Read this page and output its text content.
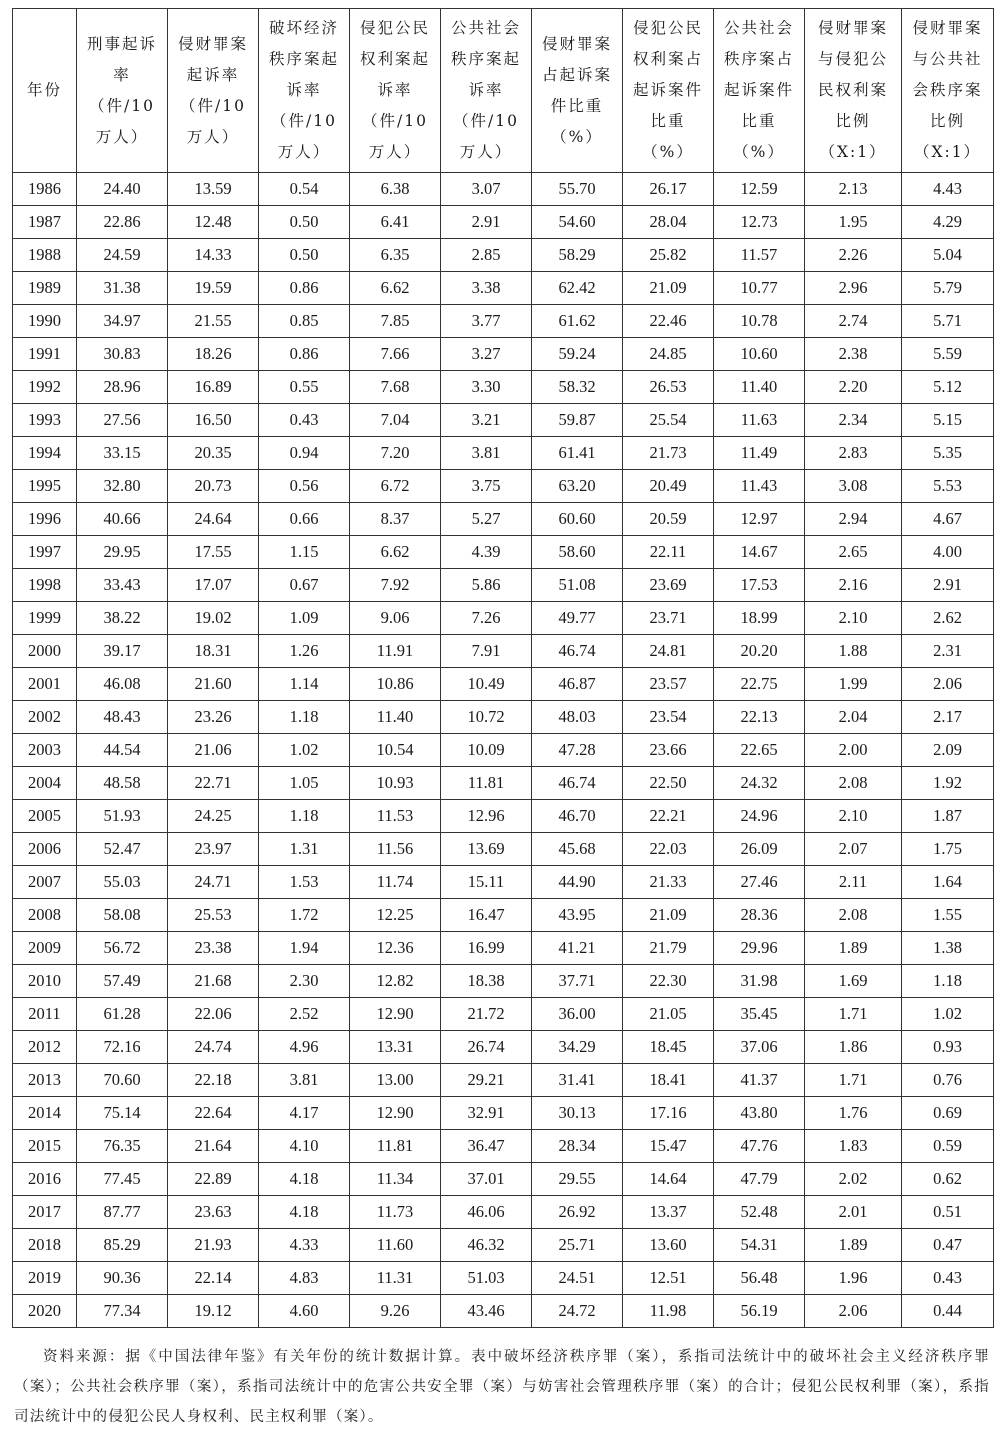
年份	刑事起诉率（件/10万人）	侵财罪案起诉率（件/10万人）	破坏经济秩序案起诉率（件/10万人）	侵犯公民权利案起诉率（件/10万人）	公共社会秩序案起诉率（件/10万人）	侵财罪案占起诉案件比重（%）	侵犯公民权利案占起诉案件比重（%）	公共社会秩序案占起诉案件比重（%）	侵财罪案与侵犯公民权利案比例（X:1）	侵财罪案与公共社会秩序案比例（X:1）
1986	24.40	13.59	0.54	6.38	3.07	55.70	26.17	12.59	2.13	4.43
1987	22.86	12.48	0.50	6.41	2.91	54.60	28.04	12.73	1.95	4.29
1988	24.59	14.33	0.50	6.35	2.85	58.29	25.82	11.57	2.26	5.04
1989	31.38	19.59	0.86	6.62	3.38	62.42	21.09	10.77	2.96	5.79
1990	34.97	21.55	0.85	7.85	3.77	61.62	22.46	10.78	2.74	5.71
1991	30.83	18.26	0.86	7.66	3.27	59.24	24.85	10.60	2.38	5.59
1992	28.96	16.89	0.55	7.68	3.30	58.32	26.53	11.40	2.20	5.12
1993	27.56	16.50	0.43	7.04	3.21	59.87	25.54	11.63	2.34	5.15
1994	33.15	20.35	0.94	7.20	3.81	61.41	21.73	11.49	2.83	5.35
1995	32.80	20.73	0.56	6.72	3.75	63.20	20.49	11.43	3.08	5.53
1996	40.66	24.64	0.66	8.37	5.27	60.60	20.59	12.97	2.94	4.67
1997	29.95	17.55	1.15	6.62	4.39	58.60	22.11	14.67	2.65	4.00
1998	33.43	17.07	0.67	7.92	5.86	51.08	23.69	17.53	2.16	2.91
1999	38.22	19.02	1.09	9.06	7.26	49.77	23.71	18.99	2.10	2.62
2000	39.17	18.31	1.26	11.91	7.91	46.74	24.81	20.20	1.88	2.31
2001	46.08	21.60	1.14	10.86	10.49	46.87	23.57	22.75	1.99	2.06
2002	48.43	23.26	1.18	11.40	10.72	48.03	23.54	22.13	2.04	2.17
2003	44.54	21.06	1.02	10.54	10.09	47.28	23.66	22.65	2.00	2.09
2004	48.58	22.71	1.05	10.93	11.81	46.74	22.50	24.32	2.08	1.92
2005	51.93	24.25	1.18	11.53	12.96	46.70	22.21	24.96	2.10	1.87
2006	52.47	23.97	1.31	11.56	13.69	45.68	22.03	26.09	2.07	1.75
2007	55.03	24.71	1.53	11.74	15.11	44.90	21.33	27.46	2.11	1.64
2008	58.08	25.53	1.72	12.25	16.47	43.95	21.09	28.36	2.08	1.55
2009	56.72	23.38	1.94	12.36	16.99	41.21	21.79	29.96	1.89	1.38
2010	57.49	21.68	2.30	12.82	18.38	37.71	22.30	31.98	1.69	1.18
2011	61.28	22.06	2.52	12.90	21.72	36.00	21.05	35.45	1.71	1.02
2012	72.16	24.74	4.96	13.31	26.74	34.29	18.45	37.06	1.86	0.93
2013	70.60	22.18	3.81	13.00	29.21	31.41	18.41	41.37	1.71	0.76
2014	75.14	22.64	4.17	12.90	32.91	30.13	17.16	43.80	1.76	0.69
2015	76.35	21.64	4.10	11.81	36.47	28.34	15.47	47.76	1.83	0.59
2016	77.45	22.89	4.18	11.34	37.01	29.55	14.64	47.79	2.02	0.62
2017	87.77	23.63	4.18	11.73	46.06	26.92	13.37	52.48	2.01	0.51
2018	85.29	21.93	4.33	11.60	46.32	25.71	13.60	54.31	1.89	0.47
2019	90.36	22.14	4.83	11.31	51.03	24.51	12.51	56.48	1.96	0.43
2020	77.34	19.12	4.60	9.26	43.46	24.72	11.98	56.19	2.06	0.44

资料来源：据《中国法律年鉴》有关年份的统计数据计算。表中破坏经济秩序罪（案），系指司法统计中的破坏社会主义经济秩序罪（案）；公共社会秩序罪（案），系指司法统计中的危害公共安全罪（案）与妨害社会管理秩序罪（案）的合计；侵犯公民权利罪（案），系指司法统计中的侵犯公民人身权利、民主权利罪（案）。
